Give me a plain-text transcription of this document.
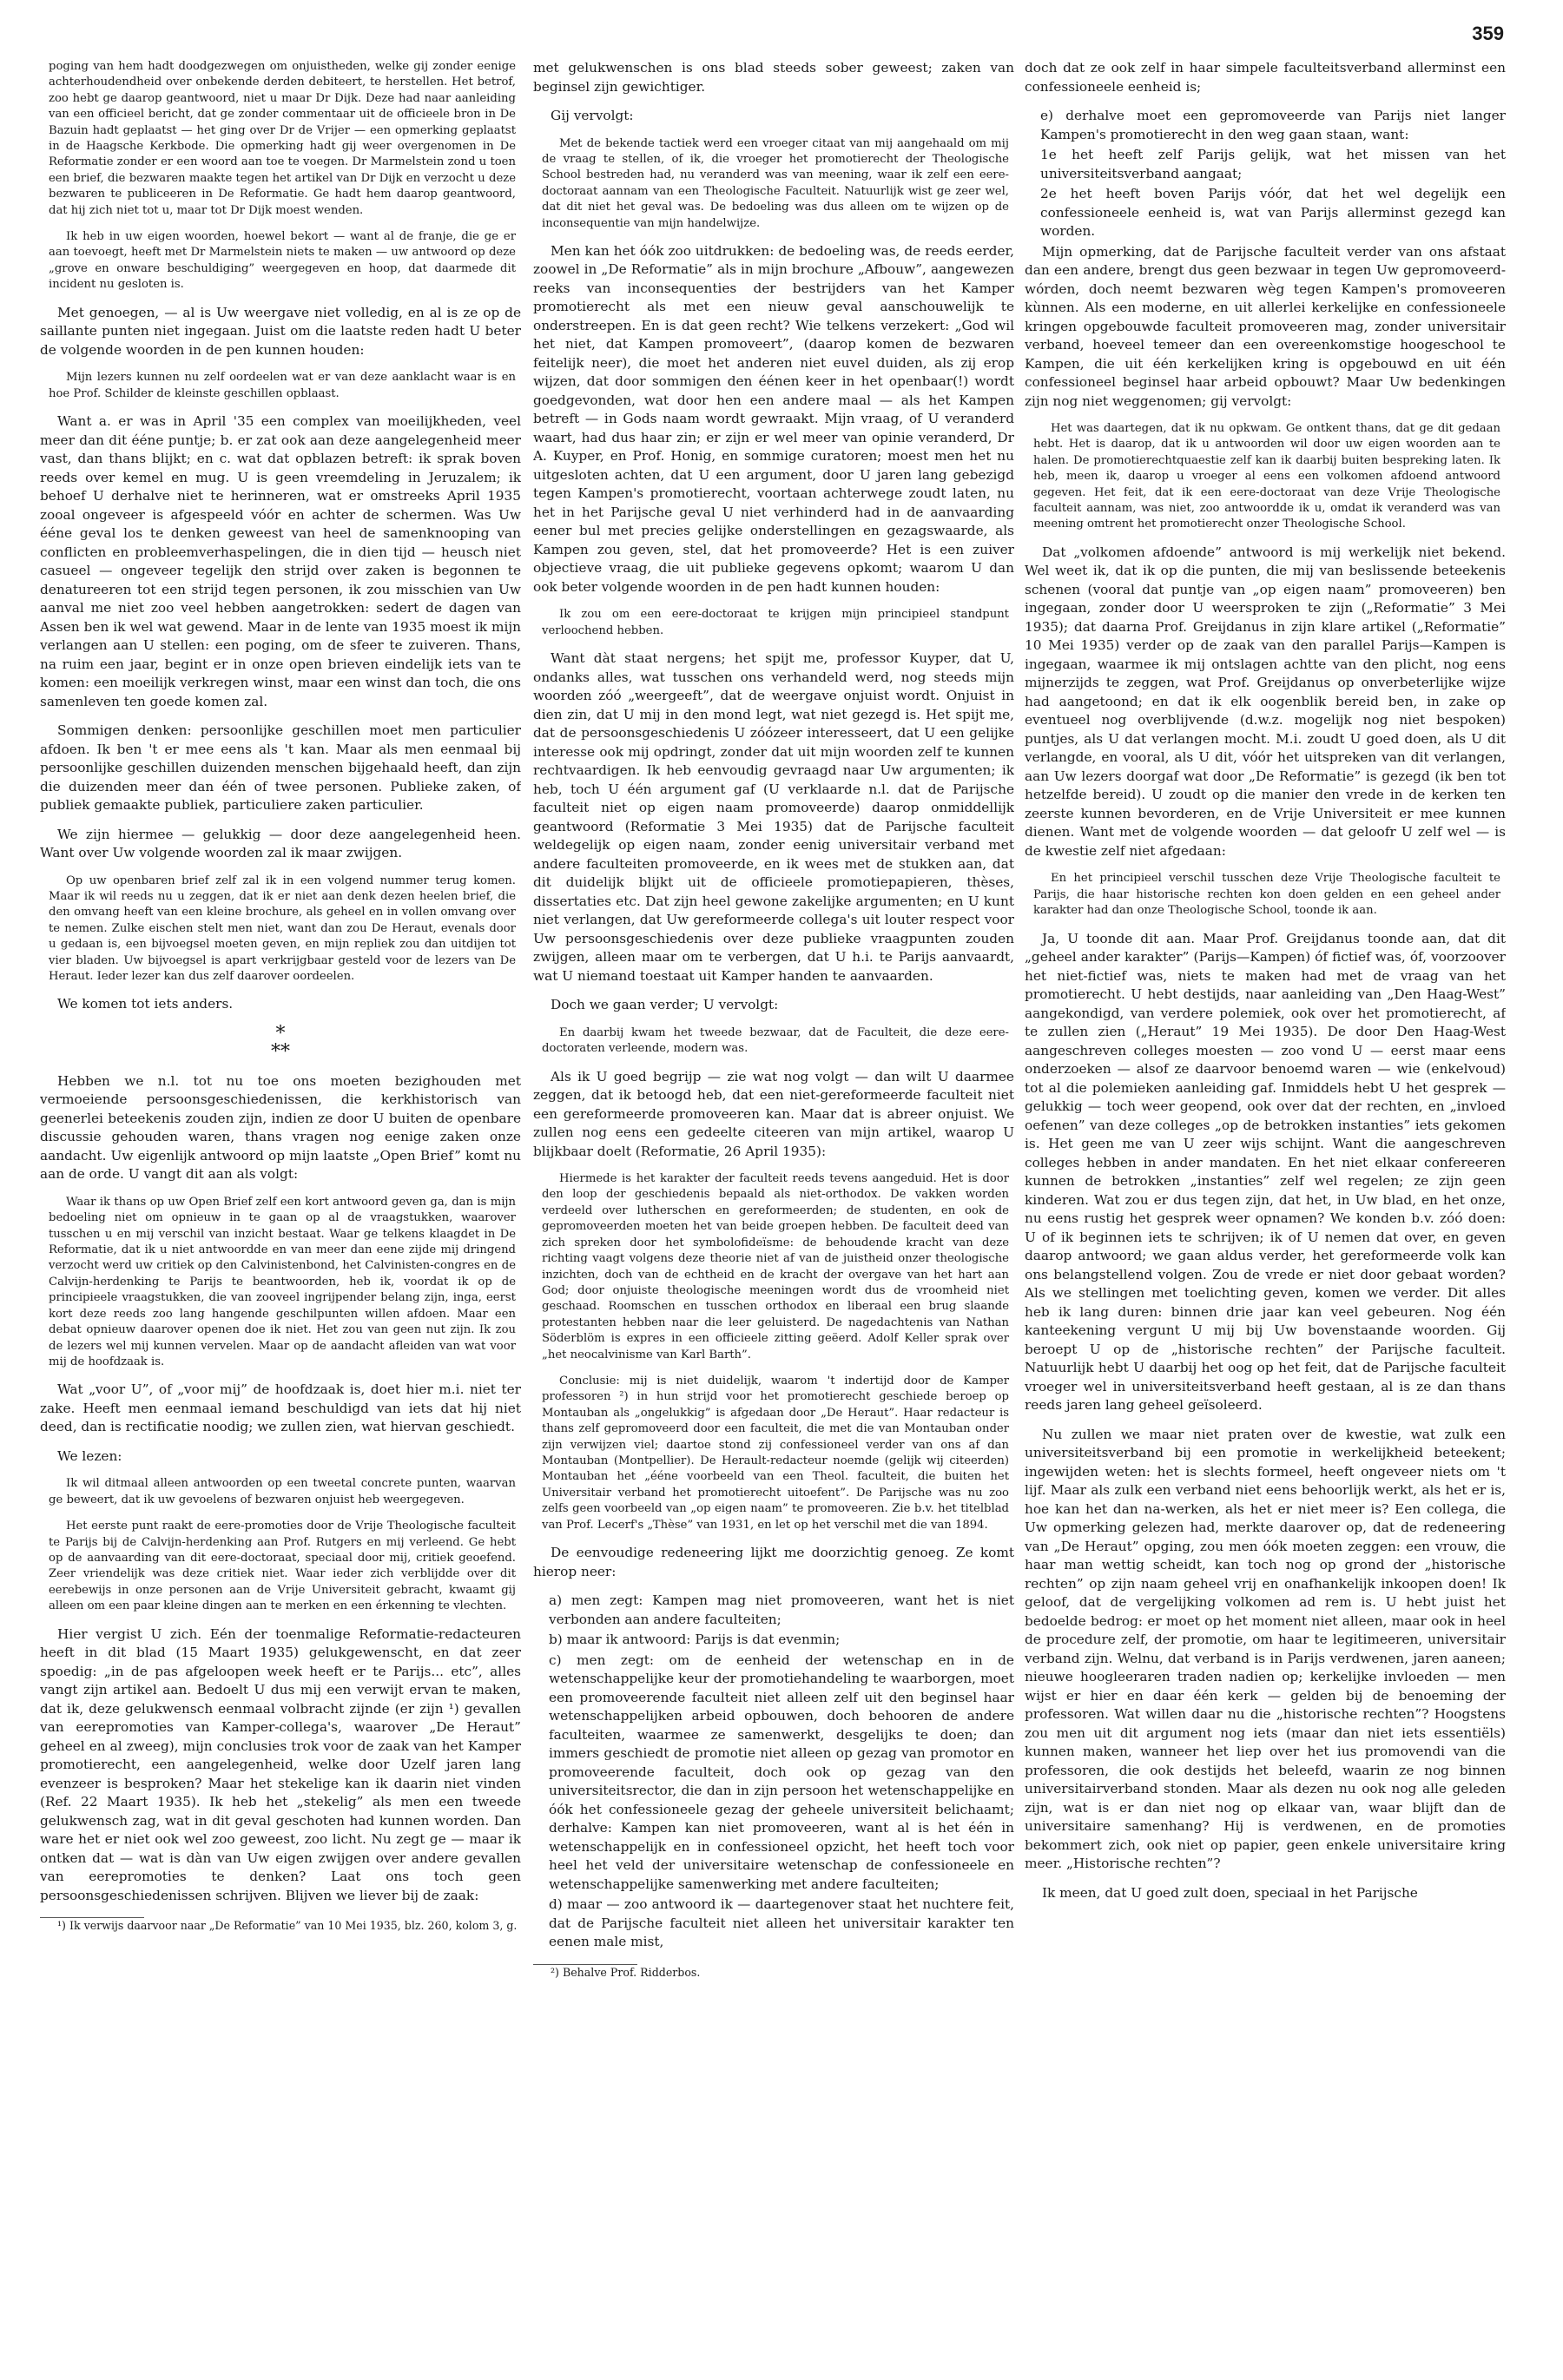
359

poging van hem hadt doodgezwegen om onjuistheden, welke gij zonder eenige achterhoudendheid over onbekende derden debiteert, te herstellen. Het betrof, zoo hebt ge daarop geantwoord, niet u maar Dr Dijk. Deze had naar aanleiding van een officieel bericht, dat ge zonder commentaar uit de officieele bron in De Bazuin hadt geplaatst — het ging over Dr de Vrijer — een opmerking geplaatst in de Haagsche Kerkbode. Die opmerking hadt gij weer overgenomen in De Reformatie zonder er een woord aan toe te voegen. Dr Marmelstein zond u toen een brief, die bezwaren maakte tegen het artikel van Dr Dijk en verzocht u deze bezwaren te publiceeren in De Reformatie. Ge hadt hem daarop geantwoord, dat hij zich niet tot u, maar tot Dr Dijk moest wenden.

Ik heb in uw eigen woorden, hoewel bekort — want al de franje, die ge er aan toevoegt, heeft met Dr Marmelstein niets te maken — uw antwoord op deze „grove en onware beschuldiging” weergegeven en hoop, dat daarmede dit incident nu gesloten is.

Met genoegen, — al is Uw weergave niet volledig, en al is ze op de saillante punten niet ingegaan. Juist om die laatste reden hadt U beter de volgende woorden in de pen kunnen houden:

Mijn lezers kunnen nu zelf oordeelen wat er van deze aanklacht waar is en hoe Prof. Schilder de kleinste geschillen opblaast.

Want a. er was in April '35 een complex van moeilijkheden, veel meer dan dit ééne puntje; b. er zat ook aan deze aangelegenheid meer vast, dan thans blijkt; en c. wat dat opblazen betreft: ik sprak boven reeds over kemel en mug. U is geen vreemdeling in Jeruzalem; ik behoef U derhalve niet te herinneren, wat er omstreeks April 1935 zooal ongeveer is afgespeeld vóór en achter de schermen. Was Uw ééne geval los te denken geweest van heel de samenknooping van conflicten en probleemverhaspelingen, die in dien tijd — heusch niet casueel — ongeveer tegelijk den strijd over zaken is begonnen te denatureeren tot een strijd tegen personen, ik zou misschien van Uw aanval me niet zoo veel hebben aangetrokken: sedert de dagen van Assen ben ik wel wat gewend. Maar in de lente van 1935 moest ik mijn verlangen aan U stellen: een poging, om de sfeer te zuiveren. Thans, na ruim een jaar, begint er in onze open brieven eindelijk iets van te komen: een moeilijk verkregen winst, maar een winst dan toch, die ons samenleven ten goede komen zal.

Sommigen denken: persoonlijke geschillen moet men particulier afdoen. Ik ben 't er mee eens als 't kan. Maar als men eenmaal bij persoonlijke geschillen duizenden menschen bijgehaald heeft, dan zijn die duizenden meer dan één of twee personen. Publieke zaken, of publiek gemaakte publiek, particuliere zaken particulier.

We zijn hiermee — gelukkig — door deze aangelegenheid heen. Want over Uw volgende woorden zal ik maar zwijgen.

Op uw openbaren brief zelf zal ik in een volgend nummer terug komen. Maar ik wil reeds nu u zeggen, dat ik er niet aan denk dezen heelen brief, die den omvang heeft van een kleine brochure, als geheel en in vollen omvang over te nemen. Zulke eischen stelt men niet, want dan zou De Heraut, evenals door u gedaan is, een bijvoegsel moeten geven, en mijn repliek zou dan uitdijen tot vier bladen. Uw bijvoegsel is apart verkrijgbaar gesteld voor de lezers van De Heraut. Ieder lezer kan dus zelf daarover oordeelen.

We komen tot iets anders.

*
**

Hebben we n.l. tot nu toe ons moeten bezighouden met vermoeiende persoonsgeschiedenissen, die kerkhistorisch van geenerlei beteekenis zouden zijn, indien ze door U buiten de openbare discussie gehouden waren, thans vragen nog eenige zaken onze aandacht. Uw eigenlijk antwoord op mijn laatste „Open Brief” komt nu aan de orde. U vangt dit aan als volgt:

Waar ik thans op uw Open Brief zelf een kort antwoord geven ga, dan is mijn bedoeling niet om opnieuw in te gaan op al de vraagstukken, waarover tusschen u en mij verschil van inzicht bestaat. Waar ge telkens klaagdet in De Reformatie, dat ik u niet antwoordde en van meer dan eene zijde mij dringend verzocht werd uw critiek op den Calvinistenbond, het Calvinisten-congres en de Calvijn-herdenking te Parijs te beantwoorden, heb ik, voordat ik op de principieele vraagstukken, die van zooveel ingrijpender belang zijn, inga, eerst kort deze reeds zoo lang hangende geschilpunten willen afdoen. Maar een debat opnieuw daarover openen doe ik niet. Het zou van geen nut zijn. Ik zou de lezers wel mij kunnen vervelen. Maar op de aandacht afleiden van wat voor mij de hoofdzaak is.

Wat „voor U”, of „voor mij” de hoofdzaak is, doet hier m.i. niet ter zake. Heeft men eenmaal iemand beschuldigd van iets dat hij niet deed, dan is rectificatie noodig; we zullen zien, wat hiervan geschiedt.

We lezen:

Ik wil ditmaal alleen antwoorden op een tweetal concrete punten, waarvan ge beweert, dat ik uw gevoelens of bezwaren onjuist heb weergegeven.

Het eerste punt raakt de eere-promoties door de Vrije Theologische faculteit te Parijs bij de Calvijn-herdenking aan Prof. Rutgers en mij verleend. Ge hebt op de aanvaarding van dit eere-doctoraat, speciaal door mij, critiek geoefend. Zeer vriendelijk was deze critiek niet. Waar ieder zich verblijdde over dit eerebewijs in onze personen aan de Vrije Universiteit gebracht, kwaamt gij alleen om een paar kleine dingen aan te merken en een érkenning te vlechten.

Hier vergist U zich. Eén der toenmalige Reformatie-redacteuren heeft in dit blad (15 Maart 1935) gelukgewenscht, en dat zeer spoedig: „in de pas afgeloopen week heeft er te Parijs... etc”, alles vangt zijn artikel aan. Bedoelt U dus mij een verwijt ervan te maken, dat ik, deze gelukwensch eenmaal volbracht zijnde (er zijn ¹) gevallen van eerepromoties van Kamper-collega's, waarover „De Heraut” geheel en al zweeg), mijn conclusies trok voor de zaak van het Kamper promotierecht, een aangelegenheid, welke door Uzelf jaren lang evenzeer is besproken? Maar het stekelige kan ik daarin niet vinden (Ref. 22 Maart 1935). Ik heb het „stekelig” als men een tweede gelukwensch zag, wat in dit geval geschoten had kunnen worden. Dan ware het er niet ook wel zoo geweest, zoo licht. Nu zegt ge — maar ik ontken dat — wat is dàn van Uw eigen zwijgen over andere gevallen van eerepromoties te denken? Laat ons toch geen persoonsgeschiedenissen schrijven. Blijven we liever bij de zaak:

¹) Ik verwijs daarvoor naar „De Reformatie” van 10 Mei 1935, blz. 260, kolom 3, g.

met gelukwenschen is ons blad steeds sober geweest; zaken van beginsel zijn gewichtiger.

Gij vervolgt:

Met de bekende tactiek werd een vroeger citaat van mij aangehaald om mij de vraag te stellen, of ik, die vroeger het promotierecht der Theologische School bestreden had, nu veranderd was van meening, waar ik zelf een eere-doctoraat aannam van een Theologische Faculteit. Natuurlijk wist ge zeer wel, dat dit niet het geval was. De bedoeling was dus alleen om te wijzen op de inconsequentie van mijn handelwijze.

Men kan het óók zoo uitdrukken: de bedoeling was, de reeds eerder, zoowel in „De Reformatie” als in mijn brochure „Afbouw”, aangewezen reeks van inconsequenties der bestrijders van het Kamper promotierecht als met een nieuw geval aanschouwelijk te onderstreepen. En is dat geen recht? Wie telkens verzekert: „God wil het niet, dat Kampen promoveert”, (daarop komen de bezwaren feitelijk neer), die moet het anderen niet euvel duiden, als zij erop wijzen, dat door sommigen den éénen keer in het openbaar(!) wordt goedgevonden, wat door hen een andere maal — als het Kampen betreft — in Gods naam wordt gewraakt. Mijn vraag, of U veranderd waart, had dus haar zin; er zijn er wel meer van opinie veranderd, Dr A. Kuyper, en Prof. Honig, en sommige curatoren; moest men het nu uitgesloten achten, dat U een argument, door U jaren lang gebezigd tegen Kampen's promotierecht, voortaan achterwege zoudt laten, nu het in het Parijsche geval U niet verhinderd had in de aanvaarding eener bul met precies gelijke onderstellingen en gezagswaarde, als Kampen zou geven, stel, dat het promoveerde? Het is een zuiver objectieve vraag, die uit publieke gegevens opkomt; waarom U dan ook beter volgende woorden in de pen hadt kunnen houden:

Ik zou om een eere-doctoraat te krijgen mijn principieel standpunt verloochend hebben.

Want dàt staat nergens; het spijt me, professor Kuyper, dat U, ondanks alles, wat tusschen ons verhandeld werd, nog steeds mijn woorden zóó „weergeeft”, dat de weergave onjuist wordt. Onjuist in dien zin, dat U mij in den mond legt, wat niet gezegd is. Het spijt me, dat de persoonsgeschiedenis U zóózeer interesseert, dat U een gelijke interesse ook mij opdringt, zonder dat uit mijn woorden zelf te kunnen rechtvaardigen. Ik heb eenvoudig gevraagd naar Uw argumenten; ik heb, toch U één argument gaf (U verklaarde n.l. dat de Parijsche faculteit niet op eigen naam promoveerde) daarop onmiddellijk geantwoord (Reformatie 3 Mei 1935) dat de Parijsche faculteit weldegelijk op eigen naam, zonder eenig universitair verband met andere faculteiten promoveerde, en ik wees met de stukken aan, dat dit duidelijk blijkt uit de officieele promotiepapieren, thèses, dissertaties etc. Dat zijn heel gewone zakelijke argumenten; en U kunt niet verlangen, dat Uw gereformeerde collega's uit louter respect voor Uw persoonsgeschiedenis over deze publieke vraagpunten zouden zwijgen, alleen maar om te verbergen, dat U h.i. te Parijs aanvaardt, wat U niemand toestaat uit Kamper handen te aanvaarden.

Doch we gaan verder; U vervolgt:

En daarbij kwam het tweede bezwaar, dat de Faculteit, die deze eere-doctoraten verleende, modern was.

Als ik U goed begrijp — zie wat nog volgt — dan wilt U daarmee zeggen, dat ik betoogd heb, dat een niet-gereformeerde faculteit niet een gereformeerde promoveeren kan. Maar dat is abreer onjuist. We zullen nog eens een gedeelte citeeren van mijn artikel, waarop U blijkbaar doelt (Reformatie, 26 April 1935):

Hiermede is het karakter der faculteit reeds tevens aangeduid. Het is door den loop der geschiedenis bepaald als niet-orthodox. De vakken worden verdeeld over lutherschen en gereformeerden; de studenten, en ook de gepromoveerden moeten het van beide groepen hebben. De faculteit deed van zich spreken door het symbolofideïsme: de behoudende kracht van deze richting vaagt volgens deze theorie niet af van de juistheid onzer theologische inzichten, doch van de echtheid en de kracht der overgave van het hart aan God; door onjuiste theologische meeningen wordt dus de vroomheid niet geschaad. Roomschen en tusschen orthodox en liberaal een brug slaande protestanten hebben naar die leer geluisterd. De nagedachtenis van Nathan Söderblöm is expres in een officieele zitting geëerd. Adolf Keller sprak over „het neocalvinisme van Karl Barth”.

Conclusie: mij is niet duidelijk, waarom 't indertijd door de Kamper professoren ²) in hun strijd voor het promotierecht geschiede beroep op Montauban als „ongelukkig” is afgedaan door „De Heraut”. Haar redacteur is thans zelf gepromoveerd door een faculteit, die met die van Montauban onder zijn verwijzen viel; daartoe stond zij confessioneel verder van ons af dan Montauban (Montpellier). De Herault-redacteur noemde (gelijk wij citeerden) Montauban het „ééne voorbeeld van een Theol. faculteit, die buiten het Universitair verband het promotierecht uitoefent”. De Parijsche was nu zoo zelfs geen voorbeeld van „op eigen naam” te promoveeren. Zie b.v. het titelblad van Prof. Lecerf's „Thèse” van 1931, en let op het verschil met die van 1894.

De eenvoudige redeneering lijkt me doorzichtig genoeg. Ze komt hierop neer:

a) men zegt: Kampen mag niet promoveeren, want het is niet verbonden aan andere faculteiten;

b) maar ik antwoord: Parijs is dat evenmin;

c) men zegt: om de eenheid der wetenschap en in de wetenschappelijke keur der promotiehandeling te waarborgen, moet een promoveerende faculteit niet alleen zelf uit den beginsel haar wetenschappelijken arbeid opbouwen, doch behooren de andere faculteiten, waarmee ze samenwerkt, desgelijks te doen; dan immers geschiedt de promotie niet alleen op gezag van promotor en promoveerende faculteit, doch ook op gezag van den universiteitsrector, die dan in zijn persoon het wetenschappelijke en óók het confessioneele gezag der geheele universiteit belichaamt; derhalve: Kampen kan niet promoveeren, want al is het één in wetenschappelijk en in confessioneel opzicht, het heeft toch voor heel het veld der universitaire wetenschap de confessioneele en wetenschappelijke samenwerking met andere faculteiten;

d) maar — zoo antwoord ik — daartegenover staat het nuchtere feit, dat de Parijsche faculteit niet alleen het universitair karakter ten eenen male mist,

²) Behalve Prof. Ridderbos.

doch dat ze ook zelf in haar simpele faculteitsverband allerminst een confessioneele eenheid is;

e) derhalve moet een gepromoveerde van Parijs niet langer Kampen's promotierecht in den weg gaan staan, want:

1e het heeft zelf Parijs gelijk, wat het missen van het universiteitsverband aangaat;

2e het heeft boven Parijs vóór, dat het wel degelijk een confessioneele eenheid is, wat van Parijs allerminst gezegd kan worden.

Mijn opmerking, dat de Parijsche faculteit verder van ons afstaat dan een andere, brengt dus geen bezwaar in tegen Uw gepromoveerd-wórden, doch neemt bezwaren wèg tegen Kampen's promoveeren kùnnen. Als een moderne, en uit allerlei kerkelijke en confessioneele kringen opgebouwde faculteit promoveeren mag, zonder universitair verband, hoeveel temeer dan een overeenkomstige hoogeschool te Kampen, die uit één kerkelijken kring is opgebouwd en uit één confessioneel beginsel haar arbeid opbouwt? Maar Uw bedenkingen zijn nog niet weggenomen; gij vervolgt:

Het was daartegen, dat ik nu opkwam. Ge ontkent thans, dat ge dit gedaan hebt. Het is daarop, dat ik u antwoorden wil door uw eigen woorden aan te halen. De promotierechtquaestie zelf kan ik daarbij buiten bespreking laten. Ik heb, meen ik, daarop u vroeger al eens een volkomen afdoend antwoord gegeven. Het feit, dat ik een eere-doctoraat van deze Vrije Theologische faculteit aannam, was niet, zoo antwoordde ik u, omdat ik veranderd was van meening omtrent het promotierecht onzer Theologische School.

Dat „volkomen afdoende” antwoord is mij werkelijk niet bekend. Wel weet ik, dat ik op die punten, die mij van beslissende beteekenis schenen (vooral dat puntje van „op eigen naam” promoveeren) ben ingegaan, zonder door U weersproken te zijn („Reformatie” 3 Mei 1935); dat daarna Prof. Greijdanus in zijn klare artikel („Reformatie” 10 Mei 1935) verder op de zaak van den parallel Parijs—Kampen is ingegaan, waarmee ik mij ontslagen achtte van den plicht, nog eens mijnerzijds te zeggen, wat Prof. Greijdanus op onverbeterlijke wijze had aangetoond; en dat ik elk oogenblik bereid ben, in zake op eventueel nog overblijvende (d.w.z. mogelijk nog niet bespoken) puntjes, als U dat verlangen mocht. M.i. zoudt U goed doen, als U dit verlangde, en vooral, als U dit, vóór het uitspreken van dit verlangen, aan Uw lezers doorgaf wat door „De Reformatie” is gezegd (ik ben tot hetzelfde bereid). U zoudt op die manier den vrede in de kerken ten zeerste kunnen bevorderen, en de Vrije Universiteit er mee kunnen dienen. Want met de volgende woorden — dat geloofr U zelf wel — is de kwestie zelf niet afgedaan:

En het principieel verschil tusschen deze Vrije Theologische faculteit te Parijs, die haar historische rechten kon doen gelden en een geheel ander karakter had dan onze Theologische School, toonde ik aan.

Ja, U toonde dit aan. Maar Prof. Greijdanus toonde aan, dat dit „geheel ander karakter” (Parijs—Kampen) óf fictief was, óf, voorzoover het niet-fictief was, niets te maken had met de vraag van het promotierecht. U hebt destijds, naar aanleiding van „Den Haag-West” aangekondigd, van verdere polemiek, ook over het promotierecht, af te zullen zien („Heraut” 19 Mei 1935). De door Den Haag-West aangeschreven colleges moesten — zoo vond U — eerst maar eens onderzoeken — alsof ze daarvoor benoemd waren — wie (enkelvoud) tot al die polemieken aanleiding gaf. Inmiddels hebt U het gesprek — gelukkig — toch weer geopend, ook over dat der rechten, en „invloed oefenen” van deze colleges „op de betrokken instanties” iets gekomen is. Het geen me van U zeer wijs schijnt. Want die aangeschreven colleges hebben in ander mandaten. En het niet elkaar confereeren kunnen de betrokken „instanties” zelf wel regelen; ze zijn geen kinderen. Wat zou er dus tegen zijn, dat het, in Uw blad, en het onze, nu eens rustig het gesprek weer opnamen? We konden b.v. zóó doen: U of ik beginnen iets te schrijven; ik of U nemen dat over, en geven daarop antwoord; we gaan aldus verder, het gereformeerde volk kan ons belangstellend volgen. Zou de vrede er niet door gebaat worden? Als we stellingen met toelichting geven, komen we verder. Dit alles heb ik lang duren: binnen drie jaar kan veel gebeuren. Nog één kanteekening vergunt U mij bij Uw bovenstaande woorden. Gij beroept U op de „historische rechten” der Parijsche faculteit. Natuurlijk hebt U daarbij het oog op het feit, dat de Parijsche faculteit vroeger wel in universiteitsverband heeft gestaan, al is ze dan thans reeds jaren lang geheel geïsoleerd.

Nu zullen we maar niet praten over de kwestie, wat zulk een universiteitsverband bij een promotie in werkelijkheid beteekent; ingewijden weten: het is slechts formeel, heeft ongeveer niets om 't lijf. Maar als zulk een verband niet eens behoorlijk werkt, als het er is, hoe kan het dan na-werken, als het er niet meer is? Een collega, die Uw opmerking gelezen had, merkte daarover op, dat de redeneering van „De Heraut” opging, zou men óók moeten zeggen: een vrouw, die haar man wettig scheidt, kan toch nog op grond der „historische rechten” op zijn naam geheel vrij en onafhankelijk inkoopen doen! Ik geloof, dat de vergelijking volkomen ad rem is. U hebt juist het bedoelde bedrog: er moet op het moment niet alleen, maar ook in heel de procedure zelf, der promotie, om haar te legitimeeren, universitair verband zijn. Welnu, dat verband is in Parijs verdwenen, jaren aaneen; nieuwe hoogleeraren traden nadien op; kerkelijke invloeden — men wijst er hier en daar één kerk — gelden bij de benoeming der professoren. Wat willen daar nu die „historische rechten”? Hoogstens zou men uit dit argument nog iets (maar dan niet iets essentiëls) kunnen maken, wanneer het liep over het ius promovendi van die professoren, die ook destijds het beleefd, waarin ze nog binnen universitairverband stonden. Maar als dezen nu ook nog alle geleden zijn, wat is er dan niet nog op elkaar van, waar blijft dan de universitaire samenhang? Hij is verdwenen, en de promoties bekommert zich, ook niet op papier, geen enkele universitaire kring meer. „Historische rechten”?

Ik meen, dat U goed zult doen, speciaal in het Parijsche
